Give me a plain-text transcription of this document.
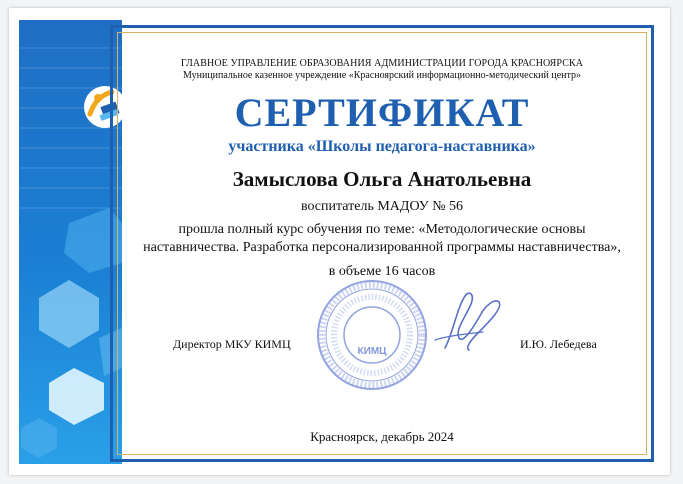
ГЛАВНОЕ УПРАВЛЕНИЕ ОБРАЗОВАНИЯ АДМИНИСТРАЦИИ ГОРОДА КРАСНОЯРСКА
Муниципальное казенное учреждение «Красноярский информационно-методический центр»
СЕРТИФИКАТ
участника «Школы педагога-наставника»
Замыслова Ольга Анатольевна
воспитатель МАДОУ № 56
прошла полный курс обучения по теме: «Методологические основы
наставничества. Разработка персонализированной программы наставничества»,
в объеме 16 часов
КИМЦ
Директор МКУ КИМЦ	И.Ю. Лебедева
Красноярск, декабрь 2024
